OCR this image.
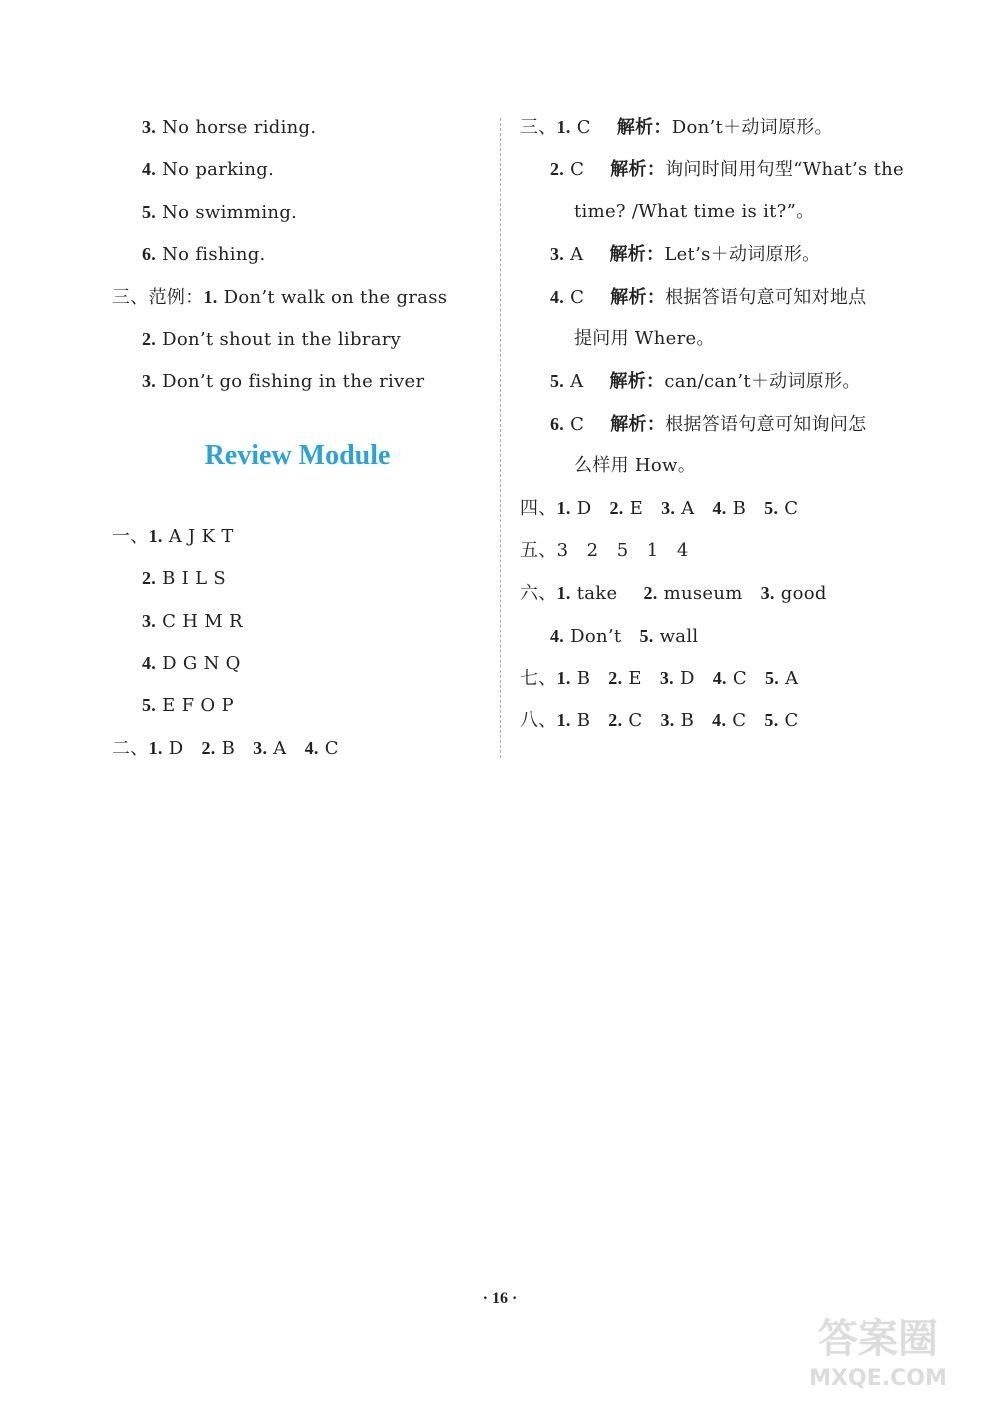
3. No horse riding.
4. No parking.
5. No swimming.
6. No fishing.
三、范例：1. Don’t walk on the grass
2. Don’t shout in the library
3. Don’t go fishing in the river
Review Module
一、1. A J K T
2. B I L S
3. C H M R
4. D G N Q
5. E F O P
二、1. D 2. B 3. A 4. C
三、1. C 解析：Don’t＋动词原形。
2. C 解析：询问时间用句型“What’s the
time? /What time is it?”。
3. A 解析：Let’s＋动词原形。
4. C 解析：根据答语句意可知对地点
提问用 Where。
5. A 解析：can/can’t＋动词原形。
6. C 解析：根据答语句意可知询问怎
么样用 How。
四、1. D 2. E 3. A 4. B 5. C
五、3　2　5　1　4
六、1. take 2. museum 3. good
4. Don’t 5. wall
七、1. B 2. E 3. D 4. C 5. A
八、1. B 2. C 3. B 4. C 5. C
· 16 ·
答案圈
MXQE.COM
